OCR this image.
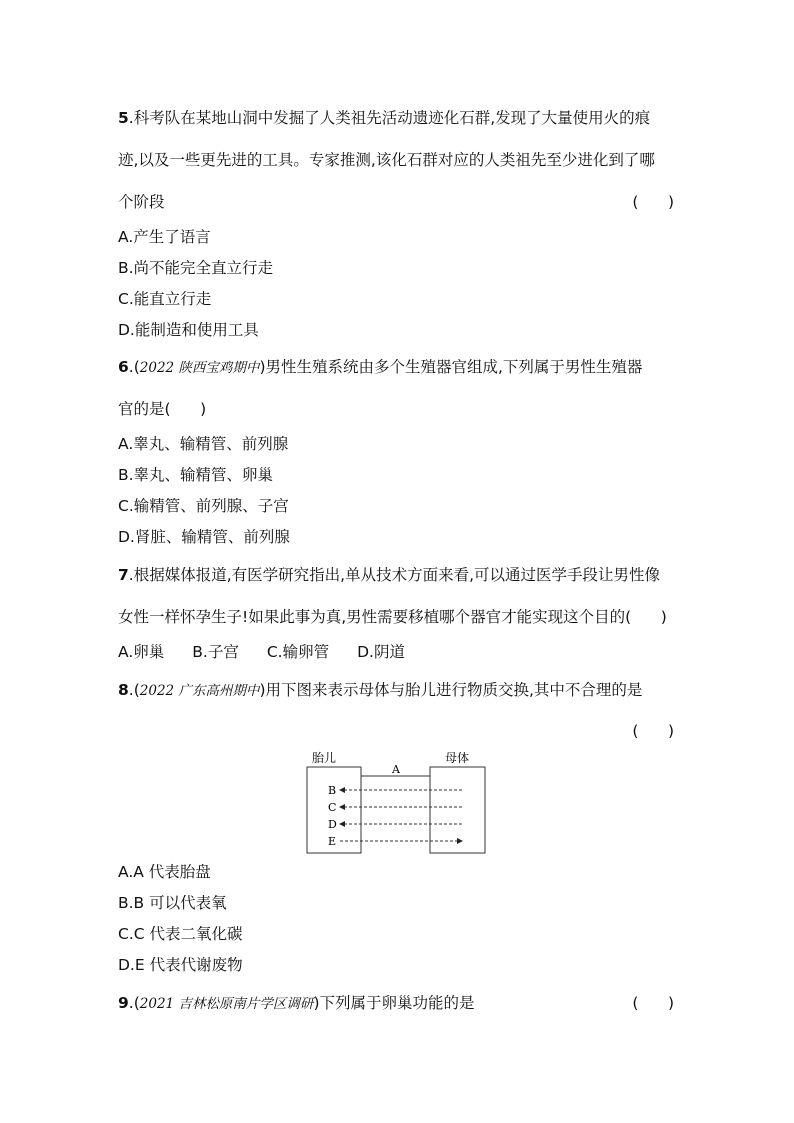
5.科考队在某地山洞中发掘了人类祖先活动遗迹化石群,发现了大量使用火的痕
迹,以及一些更先进的工具。专家推测,该化石群对应的人类祖先至少进化到了哪
个阶段	(      )
A.产生了语言
B.尚不能完全直立行走
C.能直立行走
D.能制造和使用工具
6.(2022 陕西宝鸡期中)男性生殖系统由多个生殖器官组成,下列属于男性生殖器
官的是(      )
A.睾丸、输精管、前列腺
B.睾丸、输精管、卵巢
C.输精管、前列腺、子宫
D.肾脏、输精管、前列腺
7.根据媒体报道,有医学研究指出,单从技术方面来看,可以通过医学手段让男性像
女性一样怀孕生子!如果此事为真,男性需要移植哪个器官才能实现这个目的(      )
A.卵巢 B.子宫 C.输卵管 D.阴道
8.(2022 广东高州期中)用下图来表示母体与胎儿进行物质交换,其中不合理的是
(      )
胎儿	母体
A
B
C
D
E
A.A 代表胎盘
B.B 可以代表氧
C.C 代表二氧化碳
D.E 代表代谢废物
9.(2021 吉林松原南片学区调研)下列属于卵巢功能的是	(      )
